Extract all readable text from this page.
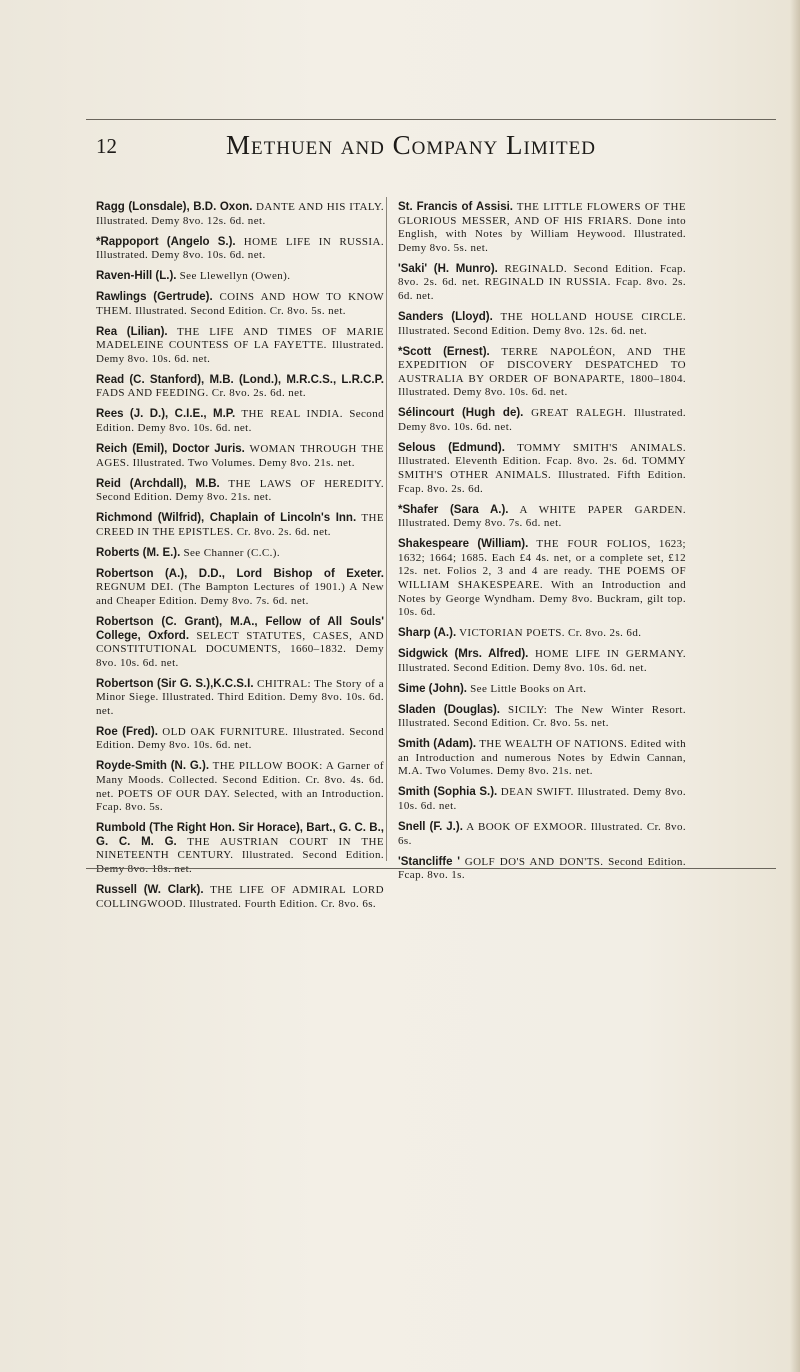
12	Methuen and Company Limited

Ragg (Lonsdale), B.D. Oxon. DANTE AND HIS ITALY. Illustrated. Demy 8vo. 12s. 6d. net.

*Rappoport (Angelo S.). HOME LIFE IN RUSSIA. Illustrated. Demy 8vo. 10s. 6d. net.

Raven-Hill (L.). See Llewellyn (Owen).

Rawlings (Gertrude). COINS AND HOW TO KNOW THEM. Illustrated. Second Edition. Cr. 8vo. 5s. net.

Rea (Lilian). THE LIFE AND TIMES OF MARIE MADELEINE COUNTESS OF LA FAYETTE. Illustrated. Demy 8vo. 10s. 6d. net.

Read (C. Stanford), M.B. (Lond.), M.R.C.S., L.R.C.P. FADS AND FEEDING. Cr. 8vo. 2s. 6d. net.

Rees (J. D.), C.I.E., M.P. THE REAL INDIA. Second Edition. Demy 8vo. 10s. 6d. net.

Reich (Emil), Doctor Juris. WOMAN THROUGH THE AGES. Illustrated. Two Volumes. Demy 8vo. 21s. net.

Reid (Archdall), M.B. THE LAWS OF HEREDITY. Second Edition. Demy 8vo. 21s. net.

Richmond (Wilfrid), Chaplain of Lincoln's Inn. THE CREED IN THE EPISTLES. Cr. 8vo. 2s. 6d. net.

Roberts (M. E.). See Channer (C.C.).

Robertson (A.), D.D., Lord Bishop of Exeter. REGNUM DEI. (The Bampton Lectures of 1901.) A New and Cheaper Edition. Demy 8vo. 7s. 6d. net.

Robertson (C. Grant), M.A., Fellow of All Souls' College, Oxford. SELECT STATUTES, CASES, AND CONSTITUTIONAL DOCUMENTS, 1660–1832. Demy 8vo. 10s. 6d. net.

Robertson (Sir G. S.),K.C.S.I. CHITRAL: The Story of a Minor Siege. Illustrated. Third Edition. Demy 8vo. 10s. 6d. net.

Roe (Fred). OLD OAK FURNITURE. Illustrated. Second Edition. Demy 8vo. 10s. 6d. net.

Royde-Smith (N. G.). THE PILLOW BOOK: A Garner of Many Moods. Collected. Second Edition. Cr. 8vo. 4s. 6d. net. POETS OF OUR DAY. Selected, with an Introduction. Fcap. 8vo. 5s.

Rumbold (The Right Hon. Sir Horace), Bart., G. C. B., G. C. M. G. THE AUSTRIAN COURT IN THE NINETEENTH CENTURY. Illustrated. Second Edition. Demy 8vo. 18s. net.

Russell (W. Clark). THE LIFE OF ADMIRAL LORD COLLINGWOOD. Illustrated. Fourth Edition. Cr. 8vo. 6s.

St. Francis of Assisi. THE LITTLE FLOWERS OF THE GLORIOUS MESSER, AND OF HIS FRIARS. Done into English, with Notes by William Heywood. Illustrated. Demy 8vo. 5s. net.

'Saki' (H. Munro). REGINALD. Second Edition. Fcap. 8vo. 2s. 6d. net. REGINALD IN RUSSIA. Fcap. 8vo. 2s. 6d. net.

Sanders (Lloyd). THE HOLLAND HOUSE CIRCLE. Illustrated. Second Edition. Demy 8vo. 12s. 6d. net.

*Scott (Ernest). TERRE NAPOLÉON, AND THE EXPEDITION OF DISCOVERY DESPATCHED TO AUSTRALIA BY ORDER OF BONAPARTE, 1800–1804. Illustrated. Demy 8vo. 10s. 6d. net.

Sélincourt (Hugh de). GREAT RALEGH. Illustrated. Demy 8vo. 10s. 6d. net.

Selous (Edmund). TOMMY SMITH'S ANIMALS. Illustrated. Eleventh Edition. Fcap. 8vo. 2s. 6d. TOMMY SMITH'S OTHER ANIMALS. Illustrated. Fifth Edition. Fcap. 8vo. 2s. 6d.

*Shafer (Sara A.). A WHITE PAPER GARDEN. Illustrated. Demy 8vo. 7s. 6d. net.

Shakespeare (William). THE FOUR FOLIOS, 1623; 1632; 1664; 1685. Each £4 4s. net, or a complete set, £12 12s. net. Folios 2, 3 and 4 are ready. THE POEMS OF WILLIAM SHAKESPEARE. With an Introduction and Notes by George Wyndham. Demy 8vo. Buckram, gilt top. 10s. 6d.

Sharp (A.). VICTORIAN POETS. Cr. 8vo. 2s. 6d.

Sidgwick (Mrs. Alfred). HOME LIFE IN GERMANY. Illustrated. Second Edition. Demy 8vo. 10s. 6d. net.

Sime (John). See Little Books on Art.

Sladen (Douglas). SICILY: The New Winter Resort. Illustrated. Second Edition. Cr. 8vo. 5s. net.

Smith (Adam). THE WEALTH OF NATIONS. Edited with an Introduction and numerous Notes by Edwin Cannan, M.A. Two Volumes. Demy 8vo. 21s. net.

Smith (Sophia S.). DEAN SWIFT. Illustrated. Demy 8vo. 10s. 6d. net.

Snell (F. J.). A BOOK OF EXMOOR. Illustrated. Cr. 8vo. 6s.

'Stancliffe ' GOLF DO'S AND DON'TS. Second Edition. Fcap. 8vo. 1s.
